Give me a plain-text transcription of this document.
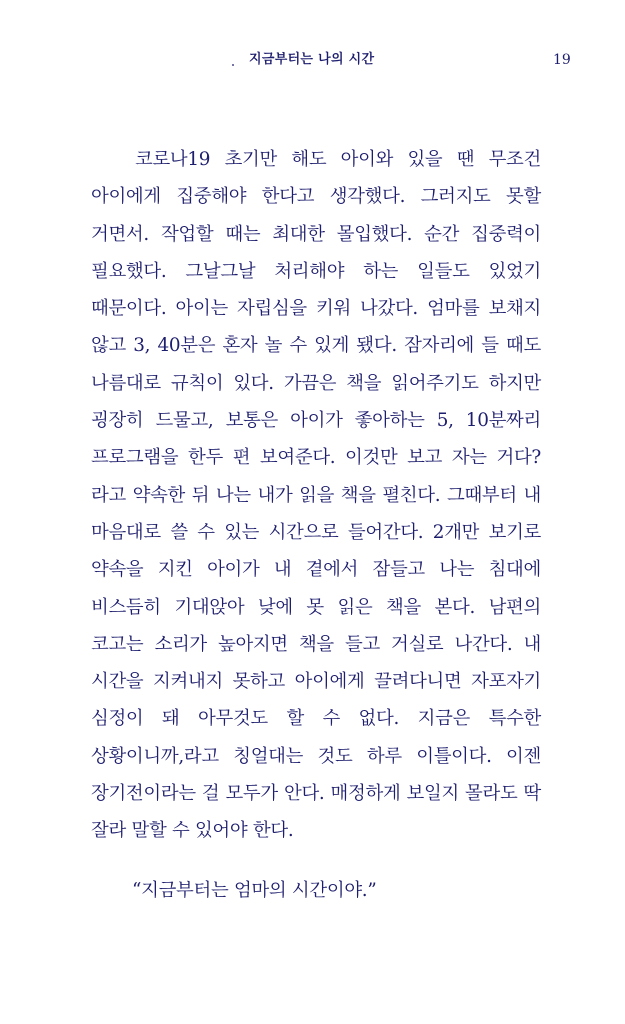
지금부터는 나의 시간	19

코로나19 초기만 해도 아이와 있을 땐 무조건 아이에게 집중해야 한다고 생각했다. 그러지도 못할 거면서. 작업할 때는 최대한 몰입했다. 순간 집중력이 필요했다. 그날그날 처리해야 하는 일들도 있었기 때문이다. 아이는 자립심을 키워 나갔다. 엄마를 보채지 않고 3, 40분은 혼자 놀 수 있게 됐다. 잠자리에 들 때도 나름대로 규칙이 있다. 가끔은 책을 읽어주기도 하지만 굉장히 드물고, 보통은 아이가 좋아하는 5, 10분짜리 프로그램을 한두 편 보여준다. 이것만 보고 자는 거다? 라고 약속한 뒤 나는 내가 읽을 책을 펼친다. 그때부터 내 마음대로 쓸 수 있는 시간으로 들어간다. 2개만 보기로 약속을 지킨 아이가 내 곁에서 잠들고 나는 침대에 비스듬히 기대앉아 낮에 못 읽은 책을 본다. 남편의 코고는 소리가 높아지면 책을 들고 거실로 나간다. 내 시간을 지켜내지 못하고 아이에게 끌려다니면 자포자기 심정이 돼 아무것도 할 수 없다. 지금은 특수한 상황이니까,라고 칭얼대는 것도 하루 이틀이다. 이젠 장기전이라는 걸 모두가 안다. 매정하게 보일지 몰라도 딱 잘라 말할 수 있어야 한다.

“지금부터는 엄마의 시간이야.”
